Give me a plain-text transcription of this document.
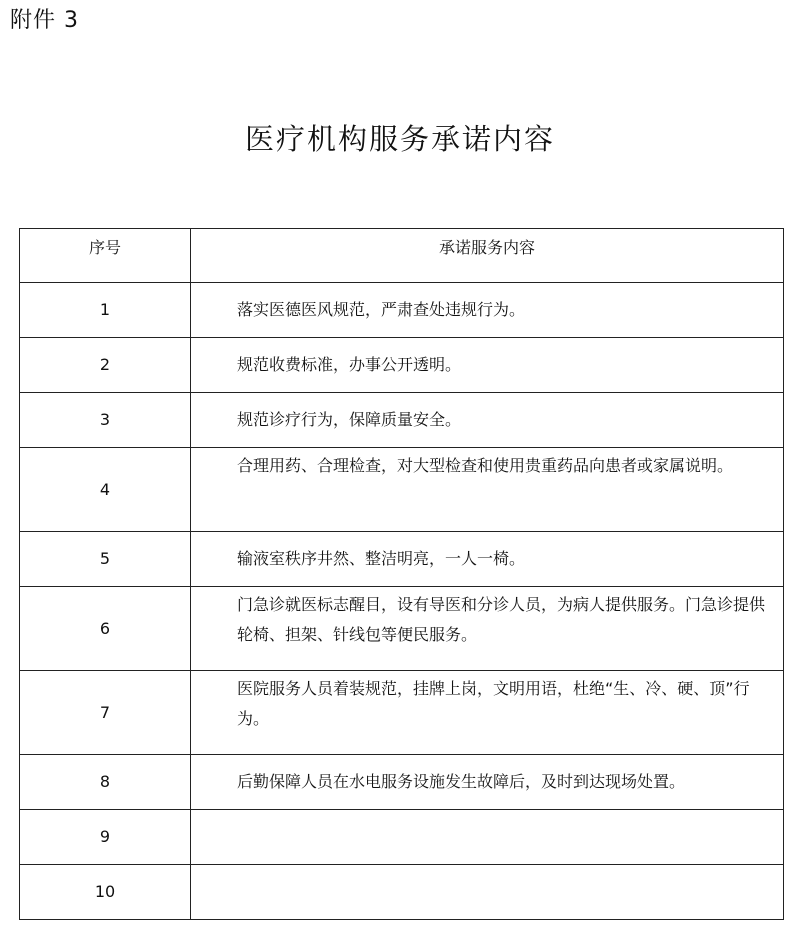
附件 3
医疗机构服务承诺内容
序号	承诺服务内容
1	落实医德医风规范，严肃查处违规行为。
2	规范收费标准，办事公开透明。
3	规范诊疗行为，保障质量安全。
4	合理用药、合理检查，对大型检查和使用贵重药品向患者或家属说明。
5	输液室秩序井然、整洁明亮，一人一椅。
6	门急诊就医标志醒目，设有导医和分诊人员，为病人提供服务。门急诊提供轮椅、担架、针线包等便民服务。
7	医院服务人员着装规范，挂牌上岗，文明用语，杜绝“生、冷、硬、顶”行为。
8	后勤保障人员在水电服务设施发生故障后，及时到达现场处置。
9	
10	
